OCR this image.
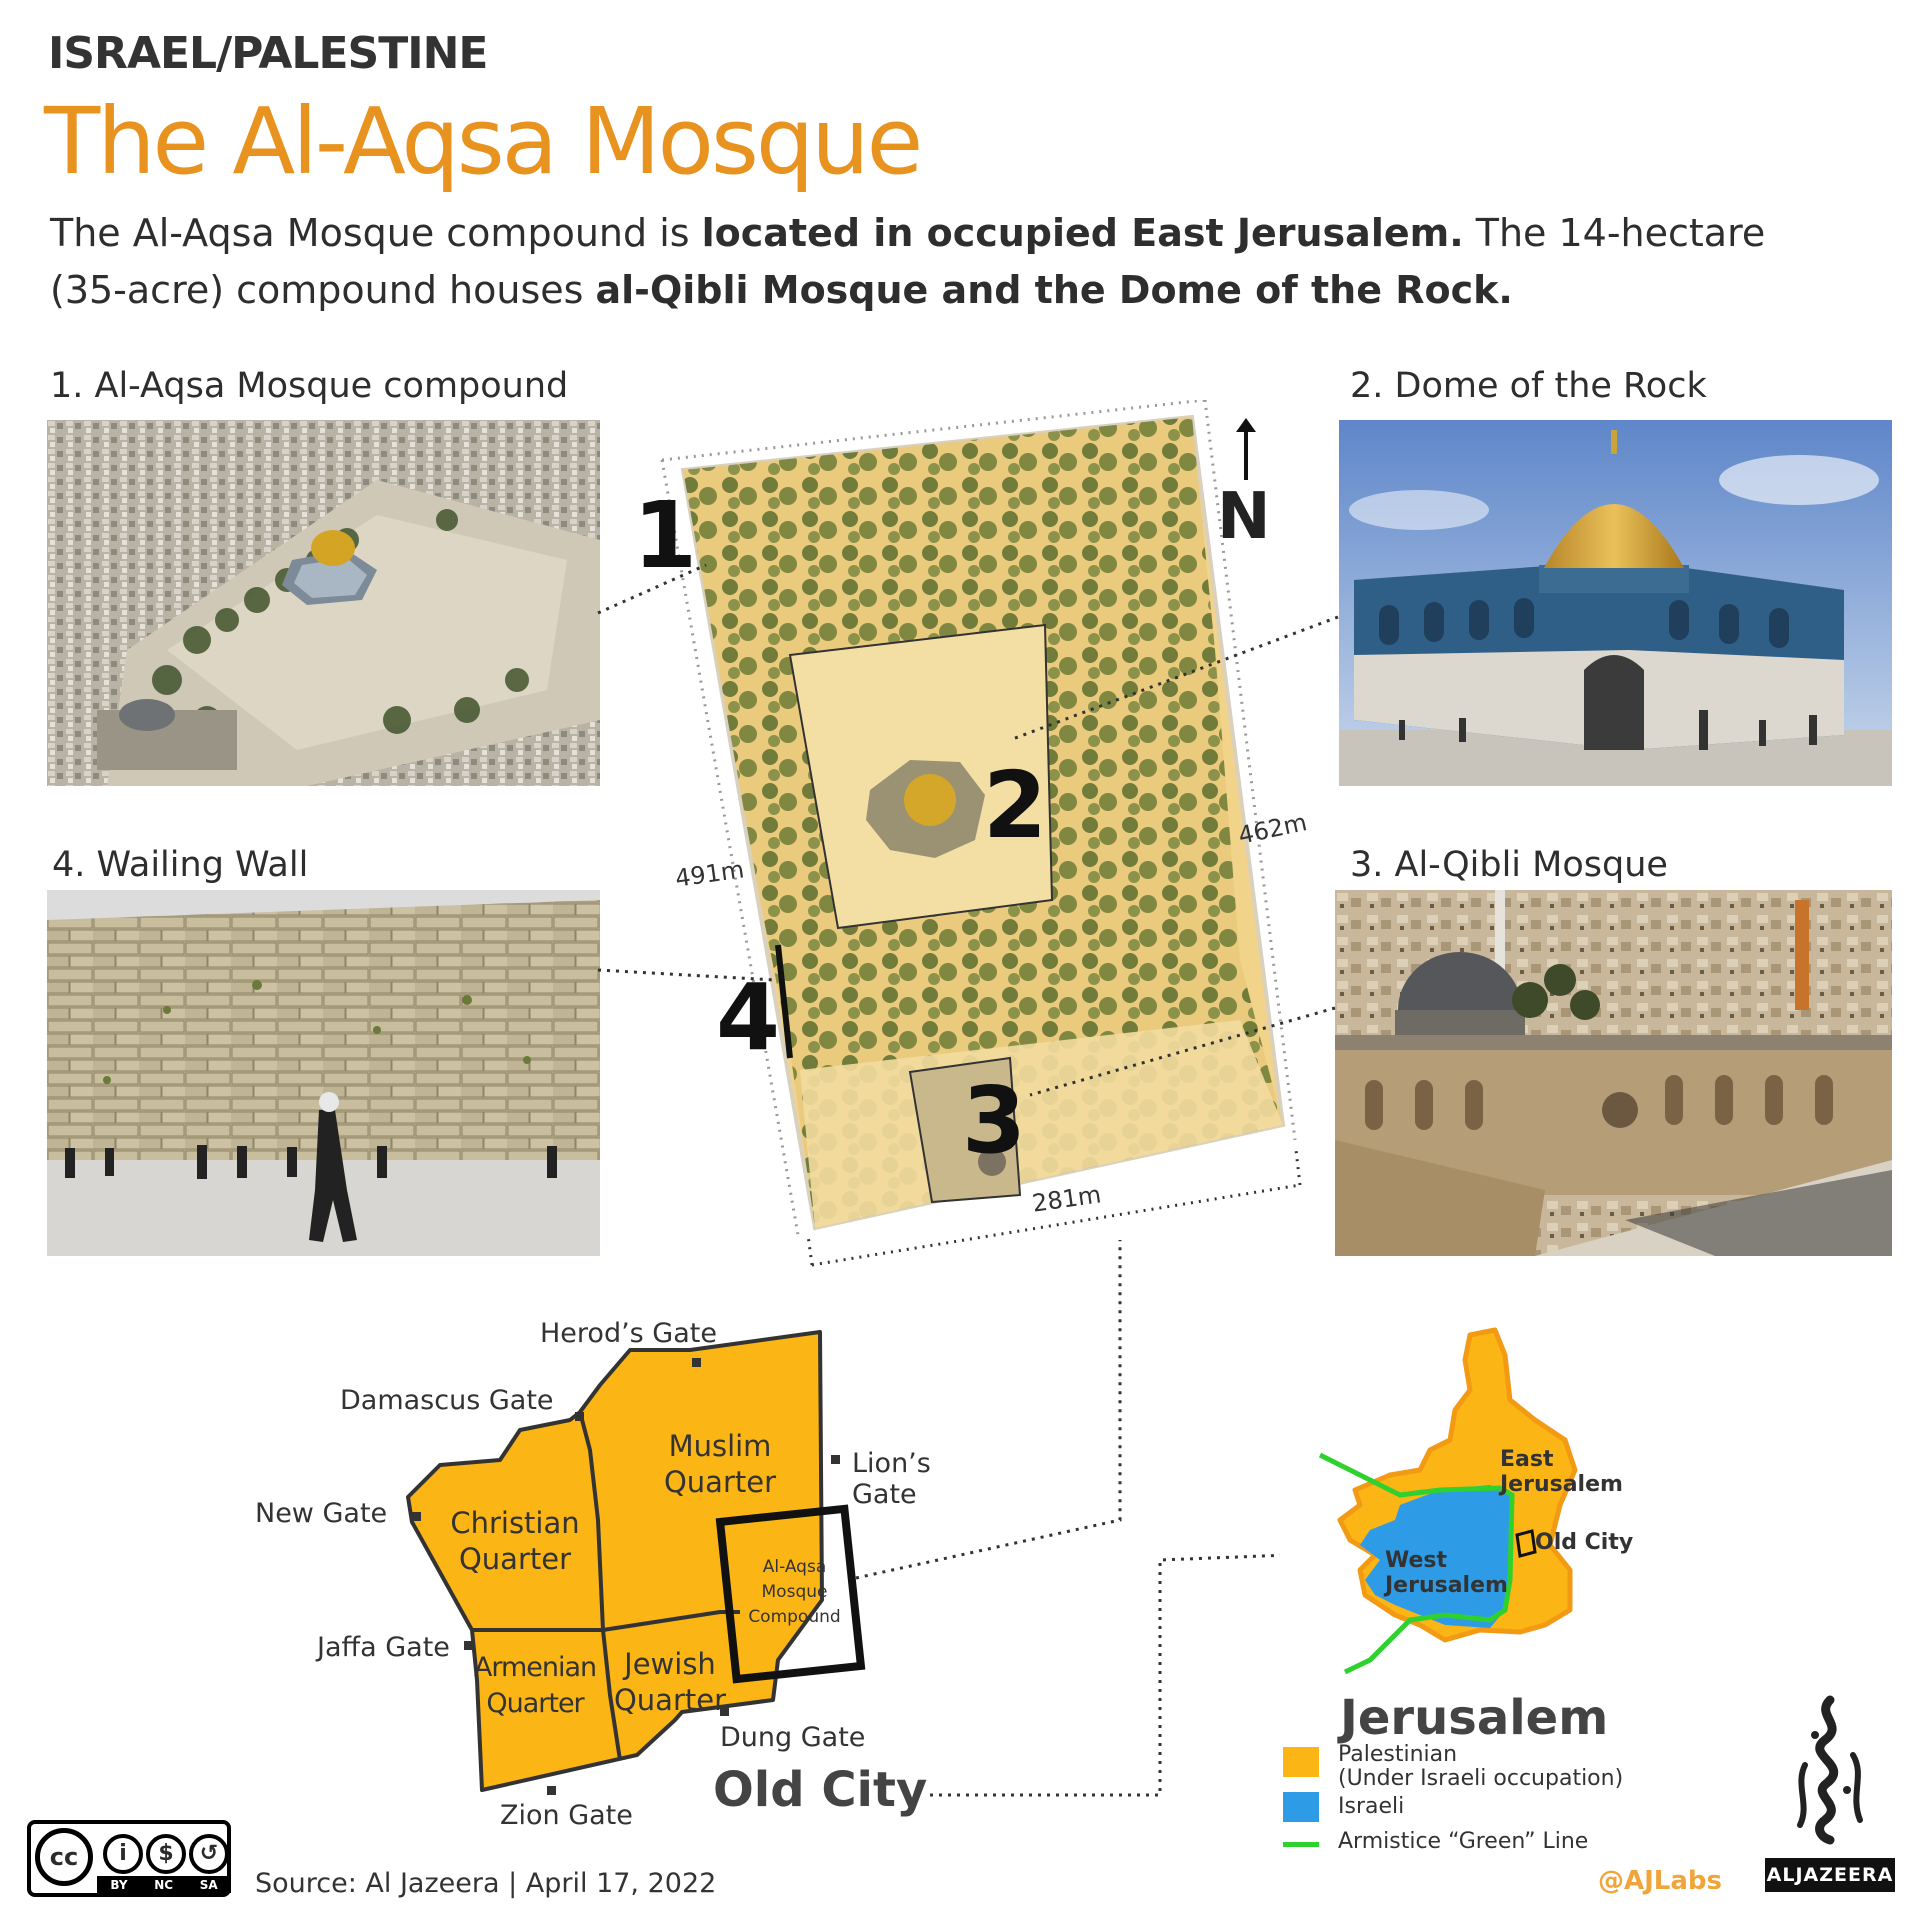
ISRAEL/PALESTINE
The Al-Aqsa Mosque
The Al-Aqsa Mosque compound is located in occupied East Jerusalem. The 14-hectare (35-acre) compound houses al-Qibli Mosque and the Dome of the Rock.
1. Al-Aqsa Mosque compound	2. Dome of the Rock
3. Al-Qibli Mosque
4. Wailing Wall
1
2
3
4
N
491m
462m
281m
Herod’s Gate
Damascus Gate
New Gate
Jaffa Gate
Zion Gate
Dung Gate
Lion’s
Gate
Muslim
Quarter
Christian
Quarter
Armenian
Quarter
Jewish
Quarter
Al-Aqsa
Mosque
Compound
Old City
East
Jerusalem
West
Jerusalem
Old City
Jerusalem
Palestinian
(Under Israeli occupation)
Israeli
Armistice “Green” Line
ALJAZEERA
@AJLabs
cc	i	$	↺
BY NC SA Source: Al Jazeera | April 17, 2022
